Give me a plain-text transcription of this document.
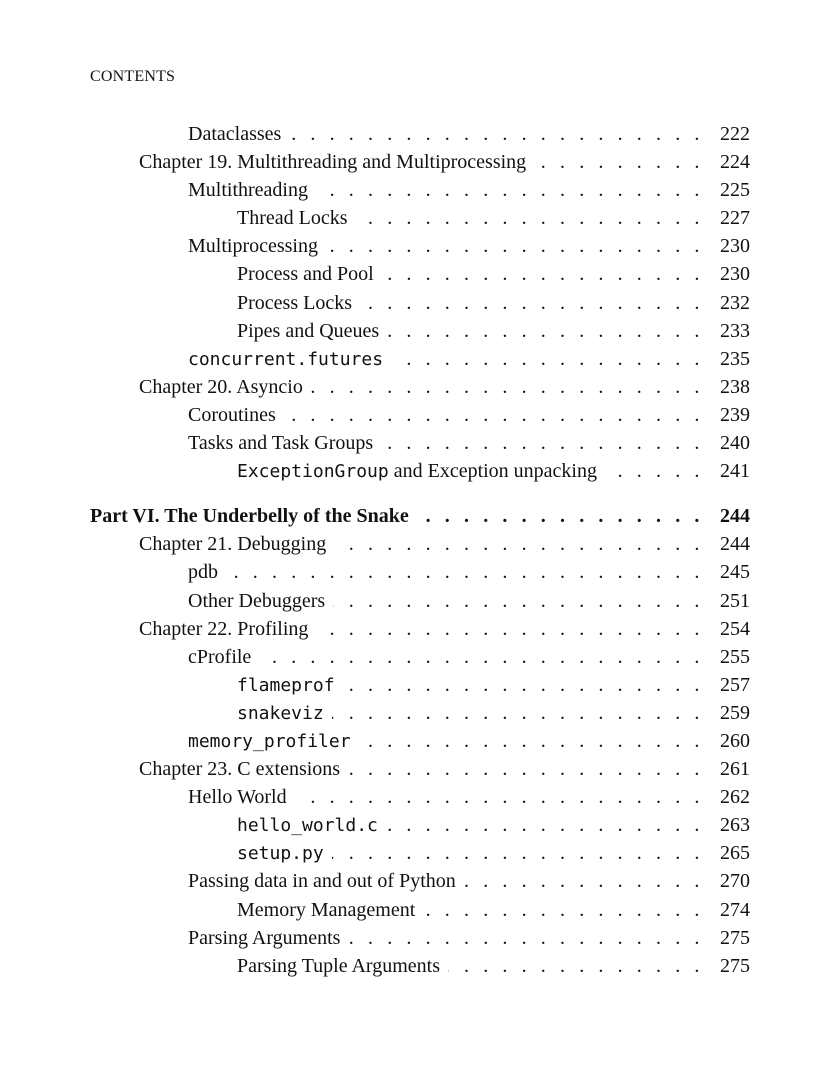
CONTENTS
Dataclasses . . .	222
Chapter 19. Multithreading and Multiprocessing . . .	224
Multithreading . . .	225
Thread Locks . . .	227
Multiprocessing . . .	230
Process and Pool . . .	230
Process Locks . . .	232
Pipes and Queues . . .	233
concurrent.futures . . .	235
Chapter 20. Asyncio . . .	238
Coroutines . . .	239
Tasks and Task Groups . . .	240
ExceptionGroup and Exception unpacking . . .	241
Part VI. The Underbelly of the Snake . . .	244
Chapter 21. Debugging . . .	244
pdb . . .	245
Other Debuggers . . .	251
Chapter 22. Profiling . . .	254
cProfile . . .	255
flameprof . . .	257
snakeviz . . .	259
memory_profiler . . .	260
Chapter 23. C extensions . . .	261
Hello World . . .	262
hello_world.c . . .	263
setup.py . . .	265
Passing data in and out of Python . . .	270
Memory Management . . .	274
Parsing Arguments . . .	275
Parsing Tuple Arguments . . .	275
